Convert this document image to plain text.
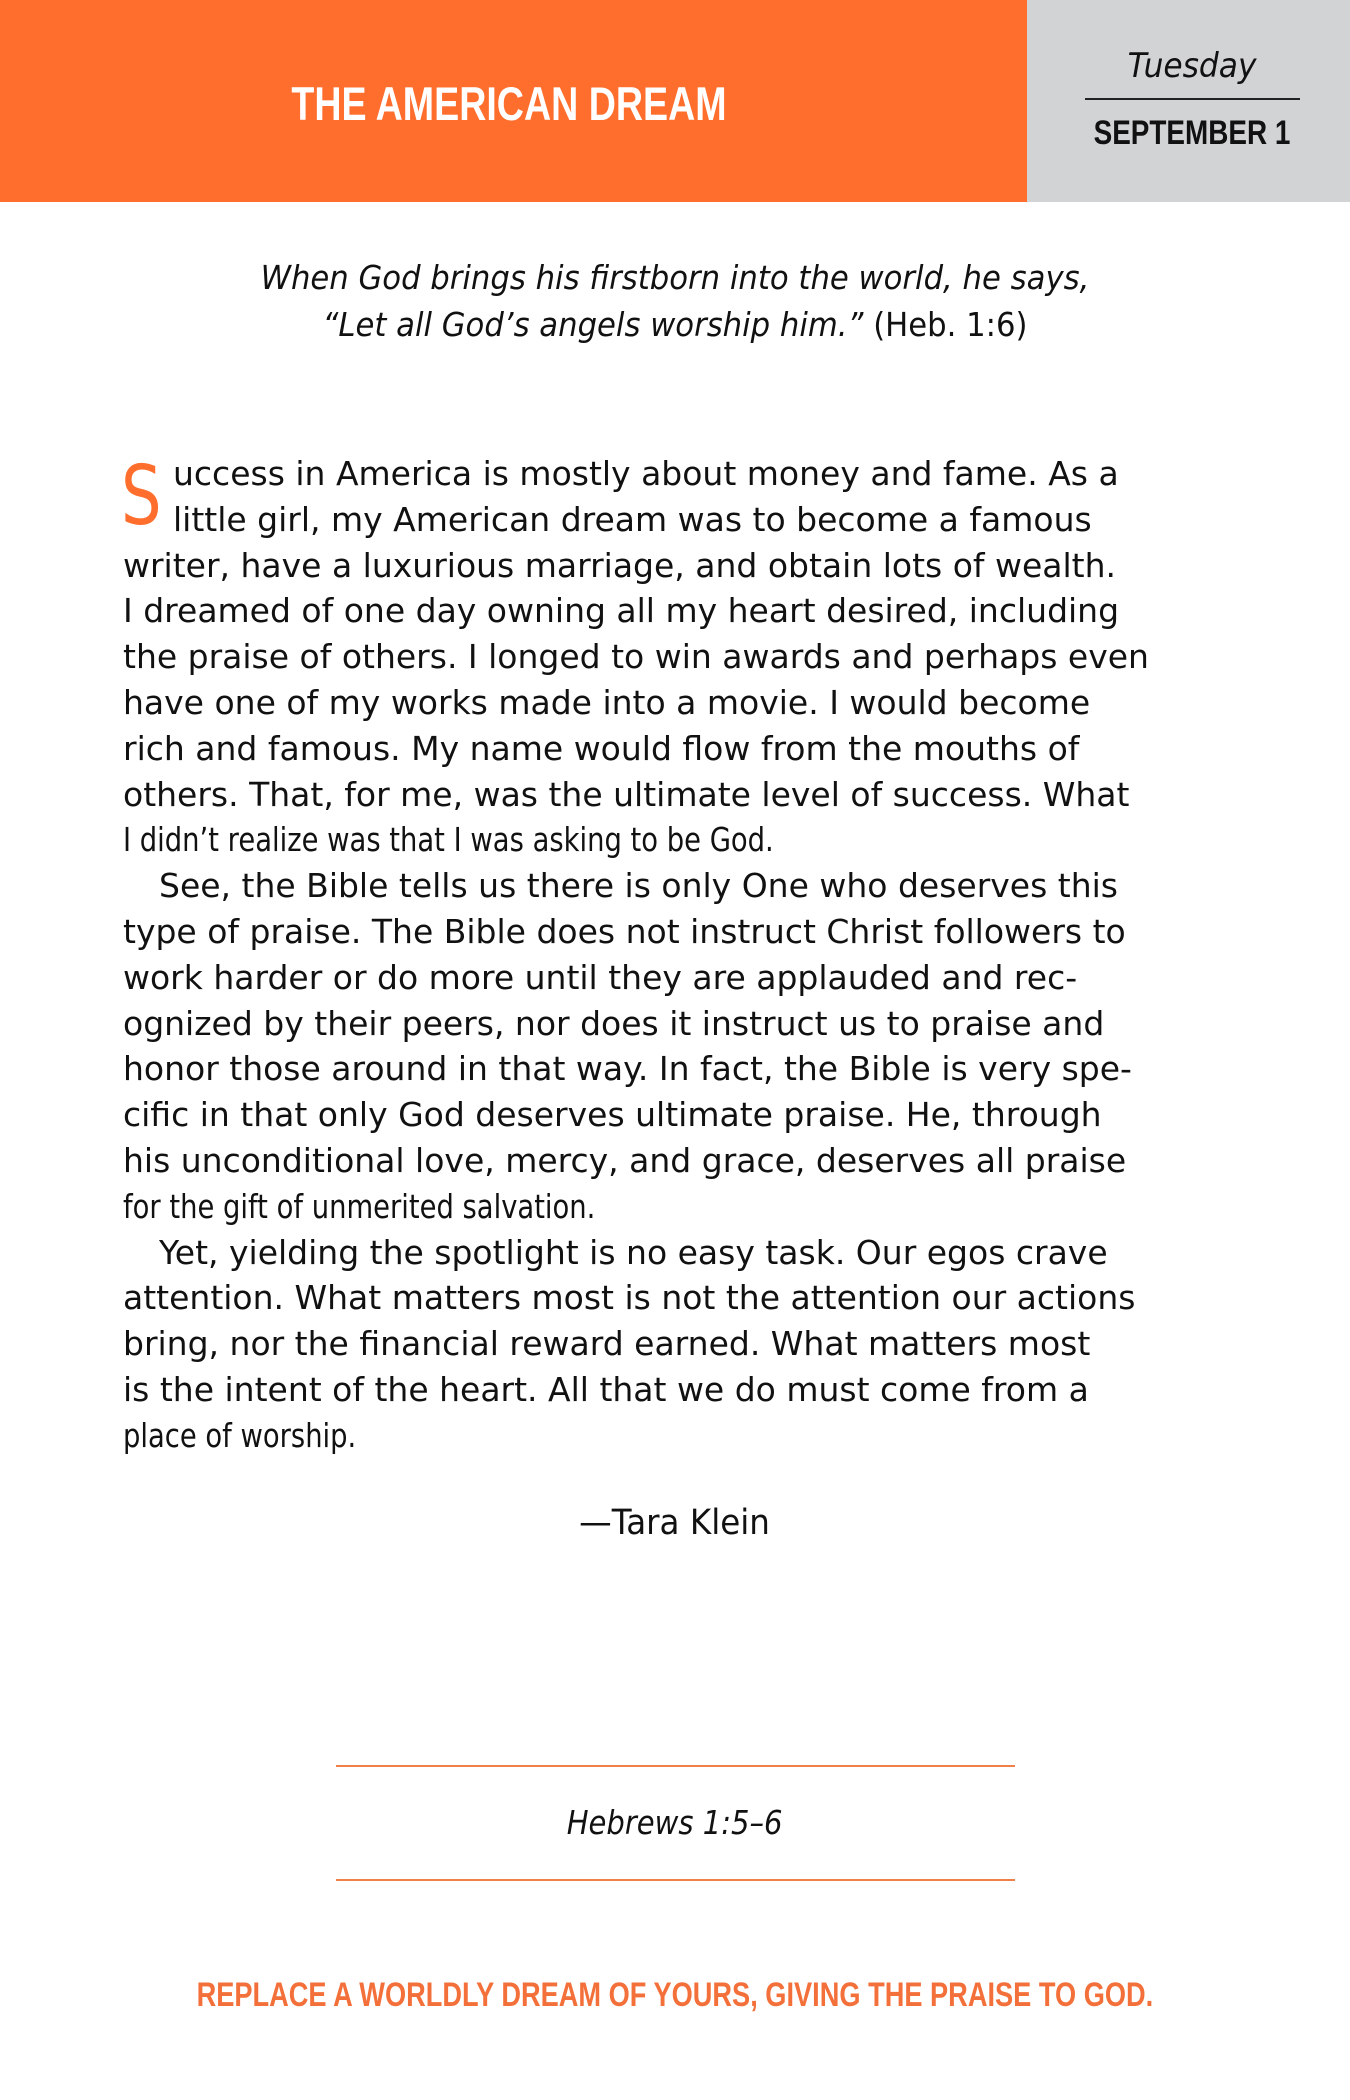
THE AMERICAN DREAM
Tuesday
SEPTEMBER 1
When God brings his firstborn into the world, he says,
“Let all God’s angels worship him.” (Heb. 1:6)
S uccess in America is mostly about money and fame. As a
little girl, my American dream was to become a famous
writer, have a luxurious marriage, and obtain lots of wealth.
I dreamed of one day owning all my heart desired, including
the praise of others. I longed to win awards and perhaps even
have one of my works made into a movie. I would become
rich and famous. My name would flow from the mouths of
others. That, for me, was the ultimate level of success. What
I didn’t realize was that I was asking to be God.
See, the Bible tells us there is only One who deserves this
type of praise. The Bible does not instruct Christ followers to
work harder or do more until they are applauded and rec-
ognized by their peers, nor does it instruct us to praise and
honor those around in that way. In fact, the Bible is very spe-
cific in that only God deserves ultimate praise. He, through
his unconditional love, mercy, and grace, deserves all praise
for the gift of unmerited salvation.
Yet, yielding the spotlight is no easy task. Our egos crave
attention. What matters most is not the attention our actions
bring, nor the financial reward earned. What matters most
is the intent of the heart. All that we do must come from a
place of worship.
—Tara Klein
Hebrews 1:5–6
REPLACE A WORLDLY DREAM OF YOURS, GIVING THE PRAISE TO GOD.
